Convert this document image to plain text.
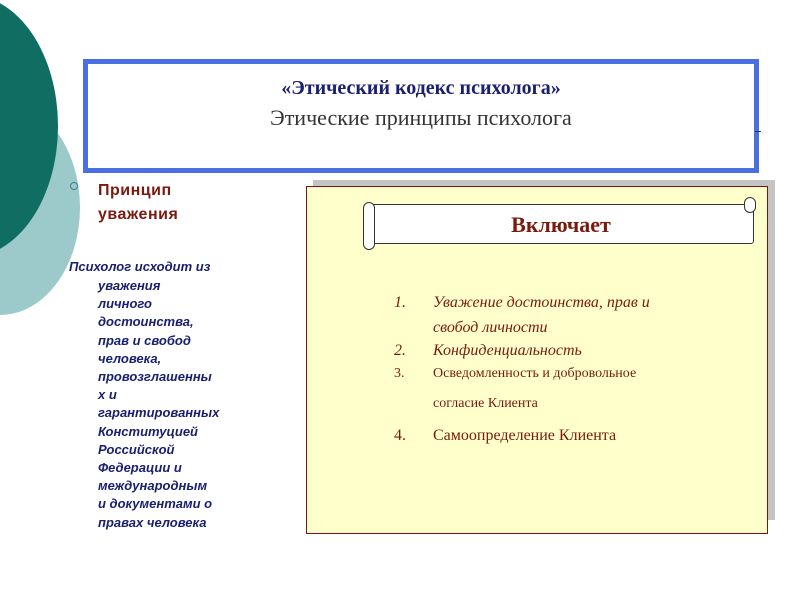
«Этический кодекс психолога»
Этические принципы психолога
Принцип
уважения
Психолог исходит из
уважения
личного
достоинства,
прав и свобод
человека,
провозглашенны
х и
гарантированных
Конституцией
Российской
Федерации и
международным
и документами о
правах человека
Включает
1. Уважение достоинства, прав и
свобод личности
2. Конфиденциальность
3. Осведомленность и добровольное
согласие Клиента
4. Самоопределение Клиента
